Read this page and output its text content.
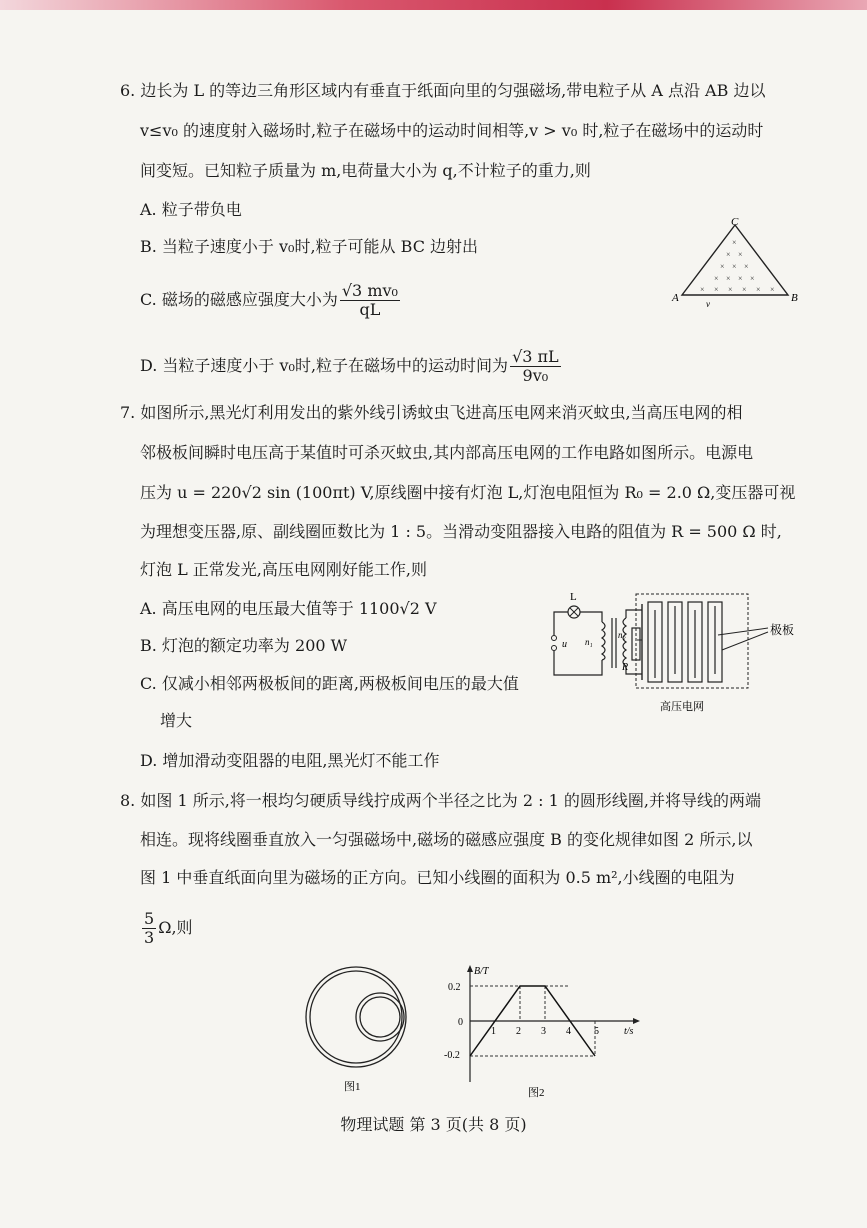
6. 边长为 L 的等边三角形区域内有垂直于纸面向里的匀强磁场,带电粒子从 A 点沿 AB 边以
v≤v₀ 的速度射入磁场时,粒子在磁场中的运动时间相等,v > v₀ 时,粒子在磁场中的运动时
间变短。已知粒子质量为 m,电荷量大小为 q,不计粒子的重力,则
A. 粒子带负电
B. 当粒子速度小于 v₀时,粒子可能从 BC 边射出
C. 磁场的磁感应强度大小为 $\frac{\text{√3 mv₀}}{qL}$
D. 当粒子速度小于 v₀时,粒子在磁场中的运动时间为 $\frac{√3 \pi L}{\text{9v₀}}$
C
A	B
v
×
× ×
× × ×
× × × ×
× × × × × ×
7. 如图所示,黑光灯利用发出的紫外线引诱蚊虫飞进高压电网来消灭蚊虫,当高压电网的相
邻极板间瞬时电压高于某值时可杀灭蚊虫,其内部高压电网的工作电路如图所示。电源电
压为 u = 220√2 sin (100πt) V,原线圈中接有灯泡 L,灯泡电阻恒为 R₀ = 2.0 Ω,变压器可视
为理想变压器,原、副线圈匝数比为 1 : 5。当滑动变阻器接入电路的阻值为 R = 500 Ω 时,
灯泡 L 正常发光,高压电网刚好能工作,则
A. 高压电网的电压最大值等于 1100√2 V
B. 灯泡的额定功率为 200 W
C. 仅减小相邻两极板间的距离,两极板间电压的最大值
增大
D. 增加滑动变阻器的电阻,黑光灯不能工作
L
u n₁
n₂
R
极板
高压电网
8. 如图 1 所示,将一根均匀硬质导线拧成两个半径之比为 2 : 1 的圆形线圈,并将导线的两端
相连。现将线圈垂直放入一匀强磁场中,磁场的磁感应强度 B 的变化规律如图 2 所示,以
图 1 中垂直纸面向里为磁场的正方向。已知小线圈的面积为 0.5 m²,小线圈的电阻为
$\frac{5}{3} \Omega$,则
图1
B/T
t/s
0.2
0
-0.2
1 2 3 4 5
图2
物理试题 第 3 页(共 8 页)
